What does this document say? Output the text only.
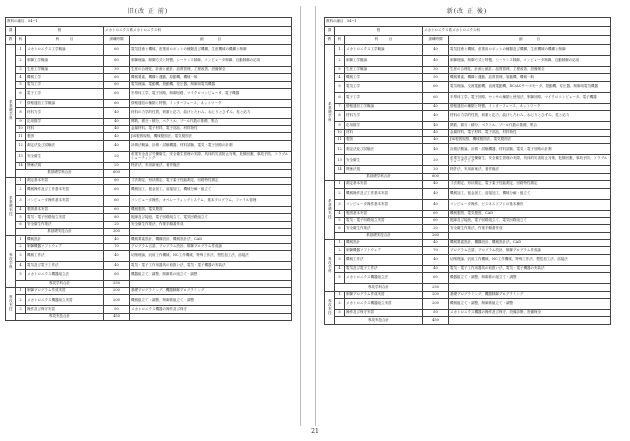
旧(改 正 前)
教科の細目　54−1				
課	程		メカトロニクス系メカトロニクス科	
教	科	科　　　目	訓練時間	細　　　　目
系基礎学科	1	メカトロニクス工学概論	60	電気技術と機械、産業用ロボットの種類及び機構、生産機械の機構と制御
	2	制御工学概論	60	制御理論、制御方式と特徴、シーケンス制御、コンピュータ制御、自動制御の応用
	3	生産工学概論	30	生産の合理化、計画と統計、品質管理、工程改善、設備保全
	4	機械工学	60	機械要素、機構と運動、原動機、機械一般
	5	電気工学	60	電気理論、電動機、発動機、変圧器、制御用電気機器
	6	電子工学	60	半導体工学、電子回路、制御回路、マイクロコンピュータ、電子機器
	7	情報通信工学概論	60	情報通信の種類と特徴、インターフェース、ネットワーク
	8	材料力学	40	材料の力学的性質、荷重と応力、曲げとたわみ、ねじりとひずみ、柱と応力
	9	応用数学	40	関数、微分・積分、ベクトル、ブール代数の基礎、集合
	10	材料	40	金属材料、電子材料、電子部品、材料物性
	11	製図	40	JIS製図規格、機械製図法、電気製図法
	12	測定法及び試験法	40	計測法概論、計測・試験機器、材料試験、電気・電子回路の計測
	13	安全衛生	20	産業安全及び労働衛生、安全衛生管理の実際、具体的災害防止対策、危険回避、事故予防、トラブルシューティング
	14	関係法規	20	特許法、実用新案法、著作権法
	系基礎学科合計		600	
系基礎実技	1	測定基本実習	60	寸法測定、形状測定、電子素子性能測定、回路特性測定
	2	機械操作及び工作基本実習	60	機械加工、板金加工、溶接加工、機械分解・組立て
	3	コンピュータ操作基本実習	60	コンピュータ操作、オペレーティングシステム、基本プログラム、ファイル管理
	4	製図基本実習	60	機械製図、電気製図
	5	電気・電子回路組立実習	80	配線及び接続、電子回路組立て、電気回路組立て
	6	安全衛生作業法	20	安全衛生作業法、作業手順書作成
	系基礎実技合計		300	
専攻学科	1	機械設計	40	機械要素設計、機構設計、機械設計法、CAD
	2	制御機器ソフトウェア	70	プログラム言語、プログラム設計、制御プログラム作成論
	3	機械工作法	40	切削理論、汎用工作機械、NC工作機械、特殊工作法、塑性加工法、溶接法
	4	電気及び電子工作法	40	電気・電子工作用器具の取扱い法、電気・電子機器の実装法
	5	メカトロニクス機器組立法	60	機器組立て、調整、制御系の組立て・調整
	専攻学科合計		250	
専攻実技	1	制御プログラム作成実習	200	基礎プログラミング、機器制御プログラミング
	2	メカトロニクス機器組立実習	200	機械組立て・調整、制御系組立て・調整
	3	操作及び保守実習	50	メカトロニクス機器の操作及び保守
	専攻実技合計		450	
新(改 正 後)
教科の細目　54−1				
課	程		メカトロニクス系メカトロニクス科	
教	科	科　　　目	訓練時間	細　　　　目
系基礎学科	1	メカトロニクス工学概論	40	電気技術と機械、産業用ロボットの種類及び機構、生産機械の機構と制御
	2	制御工学概論	40	制御理論、制御方式と特徴、シーケンス制御、コンピュータ制御、自動制御の応用
	3	生産工学概論	30	生産の合理化、計画と統計、品質管理、工程改善、設備保全
	4	機械工学	50	機械要素、機構と運動、品質管理、原動機、機械一般
	5	電気工学	60	電気理論、交流電動機、直流電動機、DC/ACサーボモータ、発動機、変圧器、制御用電気機器
	6	電子工学	60	半導体工学、電子回路、センサの種類と使用法、制御回路、マイクロコンピュータ、電子機器
	7	情報通信工学概論	40	情報通信の種類と特徴、インターフェース、ネットワーク
	8	材料力学	40	材料の力学的性質、荷重と応力、曲げとたわみ、ねじりとひずみ、柱と応力
	9	応用数学	40	関数、微分・積分、ベクトル、ブール代数の基礎、集合
	10	材料	40	金属材料、電子材料、電子部品、材料物性
	11	製図	40	JIS製図規格、機械製図法、電気製図法
	12	測定法及び試験法	40	計測法概論、計測・試験機器、材料試験、電気・電子回路の計測
	13	安全衛生	20	産業安全及び労働衛生、安全衛生管理の実際、具体的災害防止対策、危険回避、事故予防、トラブルシューティング
	14	関係法規	20	特許法、実用新案法、著作権法
	系基礎学科合計		600	
系基礎実技	1	測定基本実習	40	寸法測定、形状測定、電子素子性能測定、回路特性測定
	2	機械操作及び工作基本実習	40	機械加工、板金加工、溶接加工、機械分解・組立て
	3	コンピュータ操作基本実習	40	コンピュータ操作、ビジネスソフトの基本操作
	4	製図基本実習	60	機械製図、電気製図、CAD
	5	電気・電子回路組立実習	60	配線及び接続、電子回路組立て、電気回路組立て
	6	安全衛生作業法	20	安全衛生作業法、作業手順書作成
	系基礎実技合計		260	
専攻学科	1	機械設計	40	機械要素設計、機構設計、機械設計法、CAD
	2	制御機器ソフトウェア	70	プログラム言語、プログラム設計、制御プログラム作成論
	3	機械工作法	40	切削理論、汎用工作機械、NC工作機械、特殊工作法、塑性加工法、溶接法
	4	電気及び電子工作法	40	電気・電子工作用器具の取扱い法、電気・電子機器の実装法
	5	メカトロニクス機器組立法	60	機器組立て・調整、制御系の組立て・調整
	専攻学科合計		250	
専攻実技	1	制御プログラム作成実習	200	基礎プログラミング、機器制御プログラミング
	2	メカトロニクス機器組立実習	200	機械組立て・調整、制御系組立て・調整
	3	操作及び保守実習	50	メカトロニクス機器の操作及び保守、設備診断、設備保全
	専攻実技合計		450	
21
